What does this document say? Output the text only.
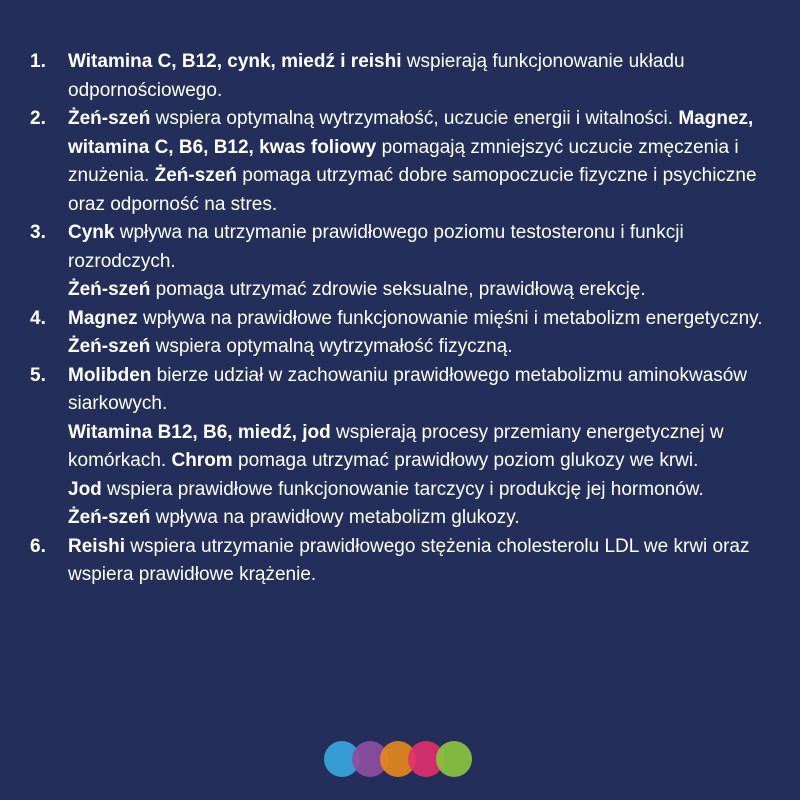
1.	Witamina C, B12, cynk, miedź i reishi wspierają funkcjonowanie układu odpornościowego.

2.	Żeń-szeń wspiera optymalną wytrzymałość, uczucie energii i witalności. Magnez, witamina C, B6, B12, kwas foliowy pomagają zmniejszyć uczucie zmęczenia i znużenia. Żeń-szeń pomaga utrzymać dobre samopoczucie fizyczne i psychiczne oraz odporność na stres.

3.	Cynk wpływa na utrzymanie prawidłowego poziomu testosteronu i funkcji rozrodczych.

Żeń-szeń pomaga utrzymać zdrowie seksualne, prawidłową erekcję.

4.	Magnez wpływa na prawidłowe funkcjonowanie mięśni i metabolizm energetyczny.

Żeń-szeń wspiera optymalną wytrzymałość fizyczną.

5.	Molibden bierze udział w zachowaniu prawidłowego metabolizmu aminokwasów siarkowych.

Witamina B12, B6, miedź, jod wspierają procesy przemiany energetycznej w komórkach. Chrom pomaga utrzymać prawidłowy poziom glukozy we krwi.

Jod wspiera prawidłowe funkcjonowanie tarczycy i produkcję jej hormonów.

Żeń-szeń wpływa na prawidłowy metabolizm glukozy.

6.	Reishi wspiera utrzymanie prawidłowego stężenia cholesterolu LDL we krwi oraz wspiera prawidłowe krążenie.
